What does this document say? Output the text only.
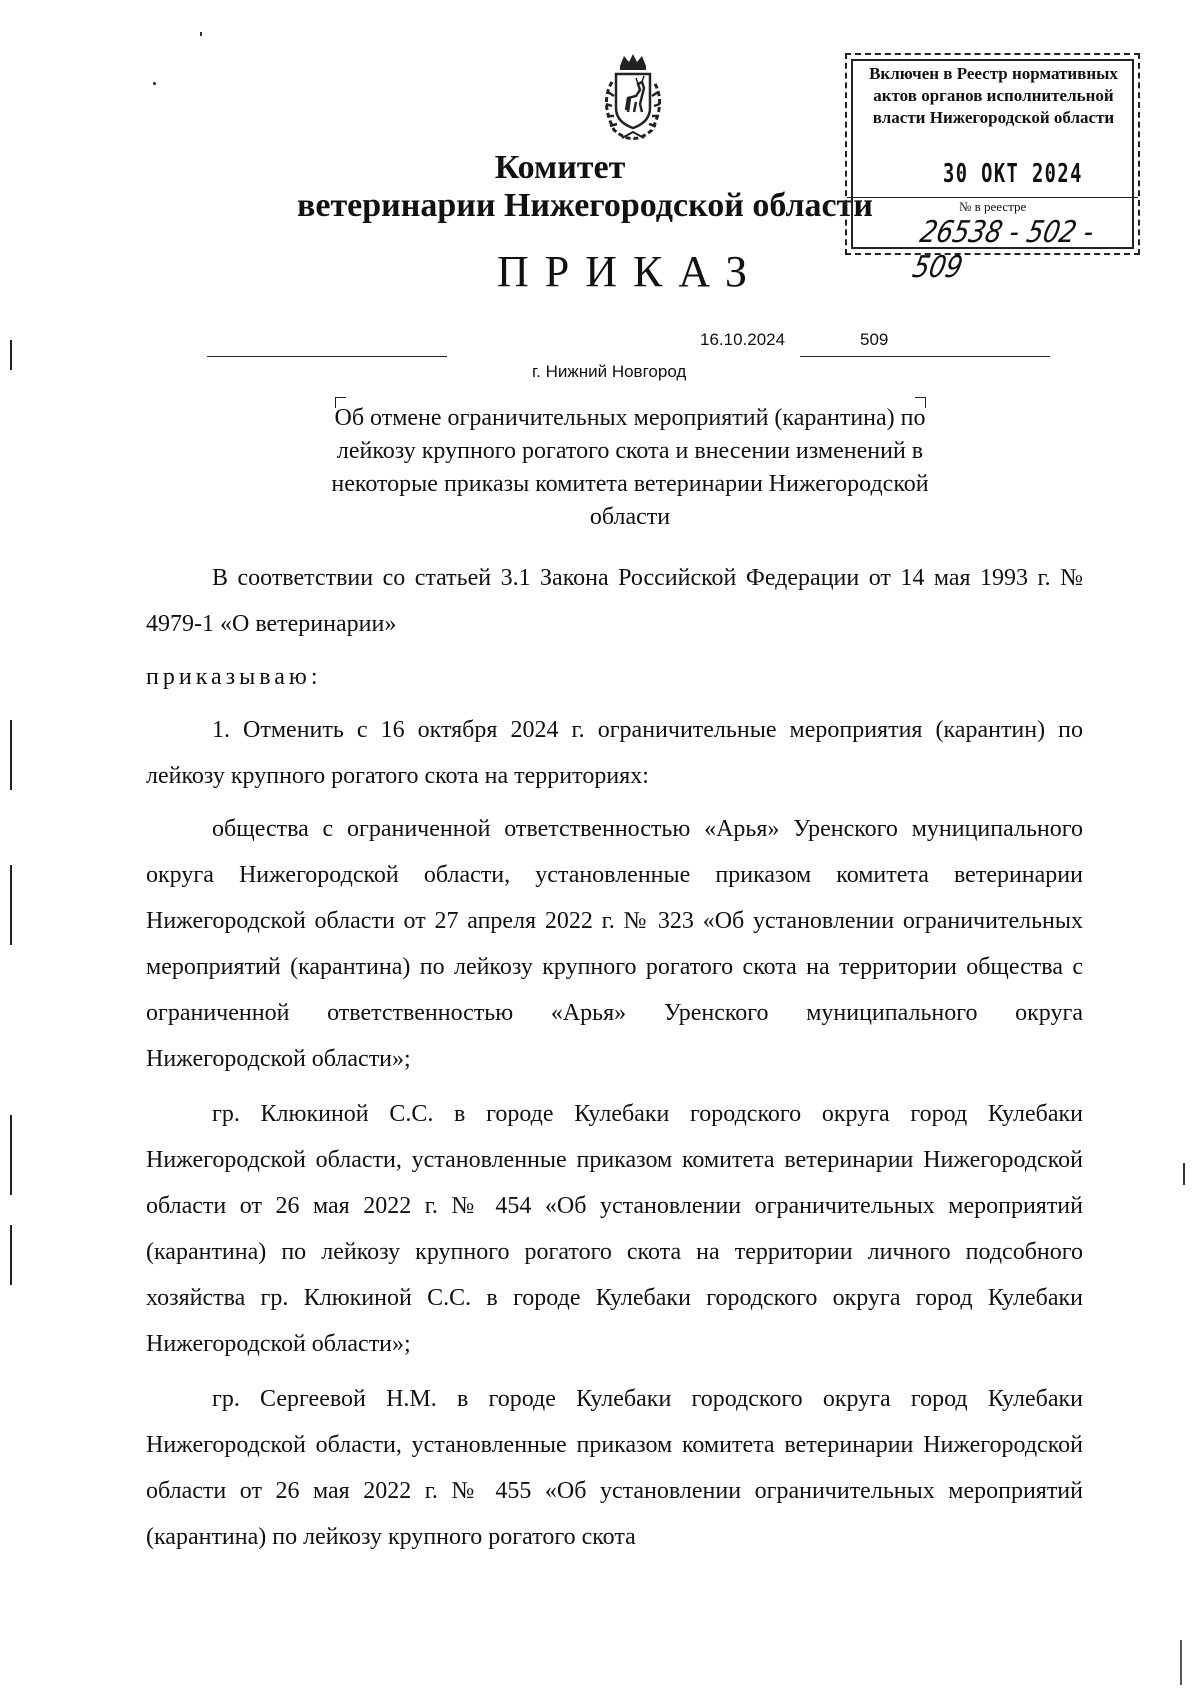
Комитет
ветеринарии Нижегородской области
ПРИКАЗ
Включен в Реестр нормативных актов органов исполнительной власти Нижегородской области
30 ОКТ 2024
№ в реестре
26538 - 502 - 509
16.10.2024	509
г. Нижний Новгород
Об отмене ограничительных мероприятий (карантина) по лейкозу крупного рогатого скота и внесении изменений в некоторые приказы комитета ветеринарии Нижегородской области

В соответствии со статьей 3.1 Закона Российской Федерации от 14 мая 1993 г. № 4979-1 «О ветеринарии»

приказываю:

1. Отменить с 16 октября 2024 г. ограничительные мероприятия (карантин) по лейкозу крупного рогатого скота на территориях:

общества с ограниченной ответственностью «Арья» Уренского муниципального округа Нижегородской области, установленные приказом комитета ветеринарии Нижегородской области от 27 апреля 2022 г. № 323 «Об установлении ограничительных мероприятий (карантина) по лейкозу крупного рогатого скота на территории общества с ограниченной ответственностью «Арья» Уренского муниципального округа Нижегородской области»;

гр. Клюкиной С.С. в городе Кулебаки городского округа город Кулебаки Нижегородской области, установленные приказом комитета ветеринарии Нижегородской области от 26 мая 2022 г. № 454 «Об установлении ограничительных мероприятий (карантина) по лейкозу крупного рогатого скота на территории личного подсобного хозяйства гр. Клюкиной С.С. в городе Кулебаки городского округа город Кулебаки Нижегородской области»;

гр. Сергеевой Н.М. в городе Кулебаки городского округа город Кулебаки Нижегородской области, установленные приказом комитета ветеринарии Нижегородской области от 26 мая 2022 г. № 455 «Об установлении ограничительных мероприятий (карантина) по лейкозу крупного рогатого скота
